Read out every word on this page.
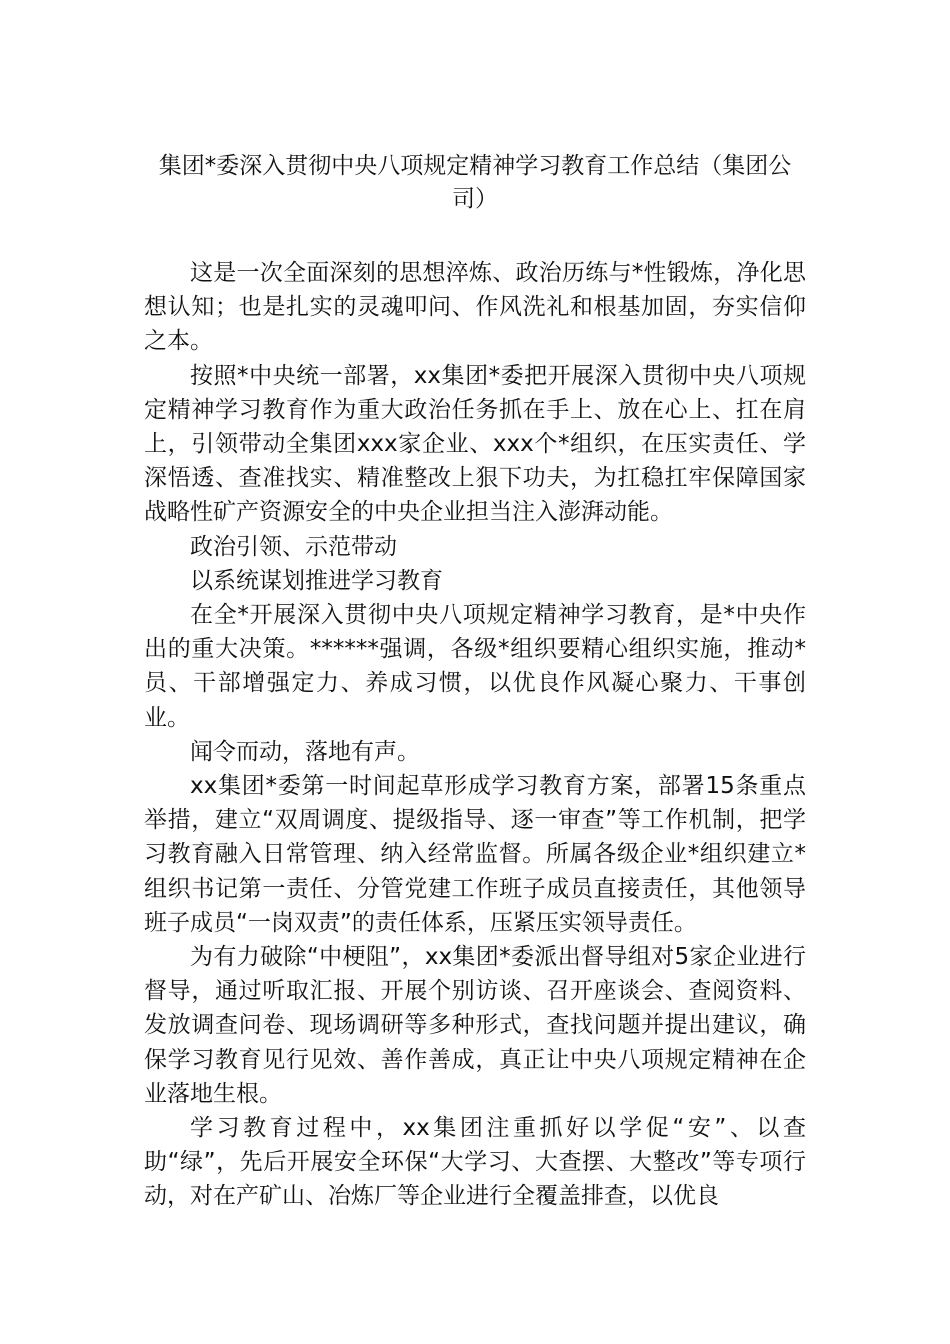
集团*委深入贯彻中央八项规定精神学习教育工作总结（集团公司）

这是一次全面深刻的思想淬炼、政治历练与*性锻炼，净化思想认知；也是扎实的灵魂叩问、作风洗礼和根基加固，夯实信仰之本。

按照*中央统一部署，xx集团*委把开展深入贯彻中央八项规定精神学习教育作为重大政治任务抓在手上、放在心上、扛在肩上，引领带动全集团xxx家企业、xxx个*组织，在压实责任、学深悟透、查准找实、精准整改上狠下功夫，为扛稳扛牢保障国家战略性矿产资源安全的中央企业担当注入澎湃动能。

政治引领、示范带动

以系统谋划推进学习教育

在全*开展深入贯彻中央八项规定精神学习教育，是*中央作出的重大决策。******强调，各级*组织要精心组织实施，推动*员、干部增强定力、养成习惯，以优良作风凝心聚力、干事创业。

闻令而动，落地有声。

xx集团*委第一时间起草形成学习教育方案，部署15条重点举措，建立“双周调度、提级指导、逐一审查”等工作机制，把学习教育融入日常管理、纳入经常监督。所属各级企业*组织建立*组织书记第一责任、分管党建工作班子成员直接责任，其他领导班子成员“一岗双责”的责任体系，压紧压实领导责任。

为有力破除“中梗阻”，xx集团*委派出督导组对5家企业进行督导，通过听取汇报、开展个别访谈、召开座谈会、查阅资料、发放调查问卷、现场调研等多种形式，查找问题并提出建议，确保学习教育见行见效、善作善成，真正让中央八项规定精神在企业落地生根。

学习教育过程中，xx集团注重抓好以学促“安”、以查助“绿”，先后开展安全环保“大学习、大查摆、大整改”等专项行动，对在产矿山、冶炼厂等企业进行全覆盖排查，以优良
